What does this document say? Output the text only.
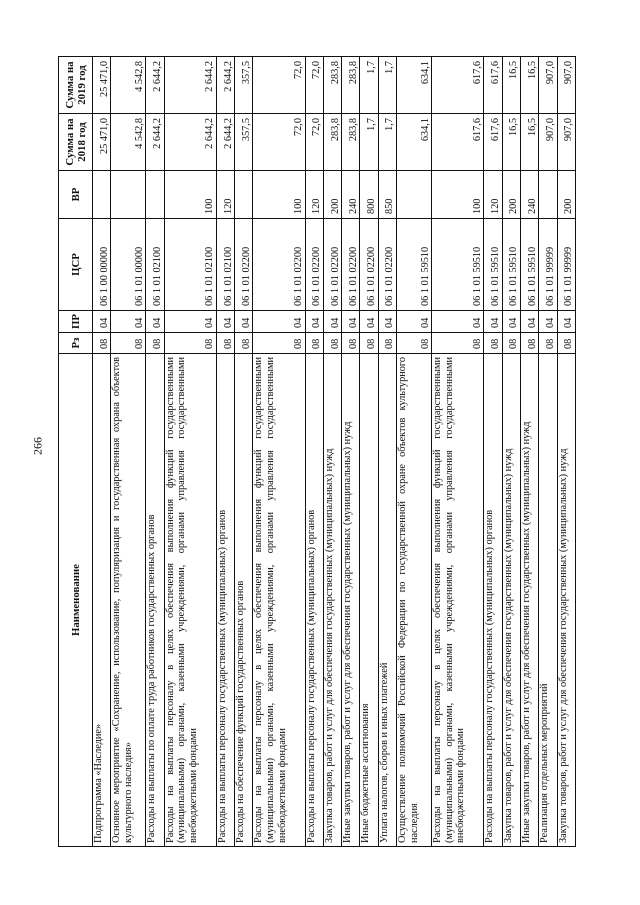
266
Наименование	Рз	ПР	ЦСР	ВР	Сумма на 2018 год	Сумма на 2019 год
Подпрограмма «Наследие»	08	04	06 1 00 00000		25 471,0	25 471,0
Основное мероприятие «Сохранение, использование, популяризация и государственная охрана объектов культурного наследия»	08	04	06 1 01 00000		4 542,8	4 542,8
Расходы на выплаты по оплате труда работников государственных органов	08	04	06 1 01 02100		2 644,2	2 644,2
Расходы на выплаты персоналу в целях обеспечения выполнения функций государственными (муниципальными) органами, казенными учреждениями, органами управления государственными внебюджетными фондами	08	04	06 1 01 02100	100	2 644,2	2 644,2
Расходы на выплаты персоналу государственных (муниципальных) органов	08	04	06 1 01 02100	120	2 644,2	2 644,2
Расходы на обеспечение функций государственных органов	08	04	06 1 01 02200		357,5	357,5
Расходы на выплаты персоналу в целях обеспечения выполнения функций государственными (муниципальными) органами, казенными учреждениями, органами управления государственными внебюджетными фондами	08	04	06 1 01 02200	100	72,0	72,0
Расходы на выплаты персоналу государственных (муниципальных) органов	08	04	06 1 01 02200	120	72,0	72,0
Закупка товаров, работ и услуг для обеспечения государственных (муниципальных) нужд	08	04	06 1 01 02200	200	283,8	283,8
Иные закупки товаров, работ и услуг для обеспечения государственных (муниципальных) нужд	08	04	06 1 01 02200	240	283,8	283,8
Иные бюджетные ассигнования	08	04	06 1 01 02200	800	1,7	1,7
Уплата налогов, сборов и иных платежей	08	04	06 1 01 02200	850	1,7	1,7
Осуществление полномочий Российской Федерации по государственной охране объектов культурного наследия	08	04	06 1 01 59510		634,1	634,1
Расходы на выплаты персоналу в целях обеспечения выполнения функций государственными (муниципальными) органами, казенными учреждениями, органами управления государственными внебюджетными фондами	08	04	06 1 01 59510	100	617,6	617,6
Расходы на выплаты персоналу государственных (муниципальных) органов	08	04	06 1 01 59510	120	617,6	617,6
Закупка товаров, работ и услуг для обеспечения государственных (муниципальных) нужд	08	04	06 1 01 59510	200	16,5	16,5
Иные закупки товаров, работ и услуг для обеспечения государственных (муниципальных) нужд	08	04	06 1 01 59510	240	16,5	16,5
Реализация отдельных мероприятий	08	04	06 1 01 99999		907,0	907,0
Закупка товаров, работ и услуг для обеспечения государственных (муниципальных) нужд	08	04	06 1 01 99999	200	907,0	907,0
